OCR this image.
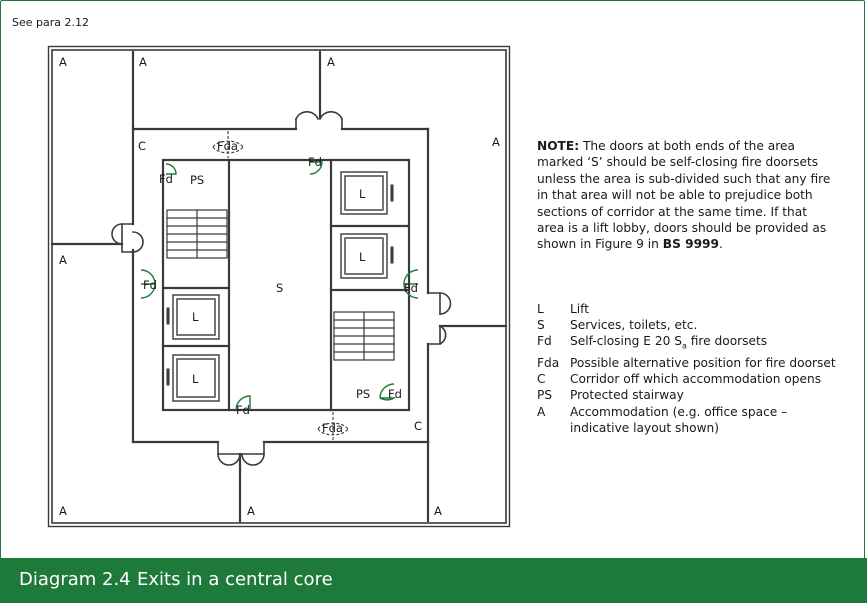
See para 2.12
A	A	A
A
A
A	A	A
C
C
S
PS
PS
L
L
L
L
Fd
Fd
Fd	Fd
Fd
Fd
Fda
Fda
NOTE: The doors at both ends of the area marked ‘S’ should be self-closing fire doorsets unless the area is sub-divided such that any fire in that area will not be able to prejudice both sections of corridor at the same time. If that area is a lift lobby, doors should be provided as shown in Figure 9 in BS 9999.
L	Lift
S	Services, toilets, etc.
Fd	Self-closing E 20 $S_a$ fire doorsets
Fda Possible alternative position for fire doorset
C	Corridor off which accommodation opens
PS	Protected stairway
A	Accommodation (e.g. office space – indicative layout shown)
Diagram 2.4 Exits in a central core
